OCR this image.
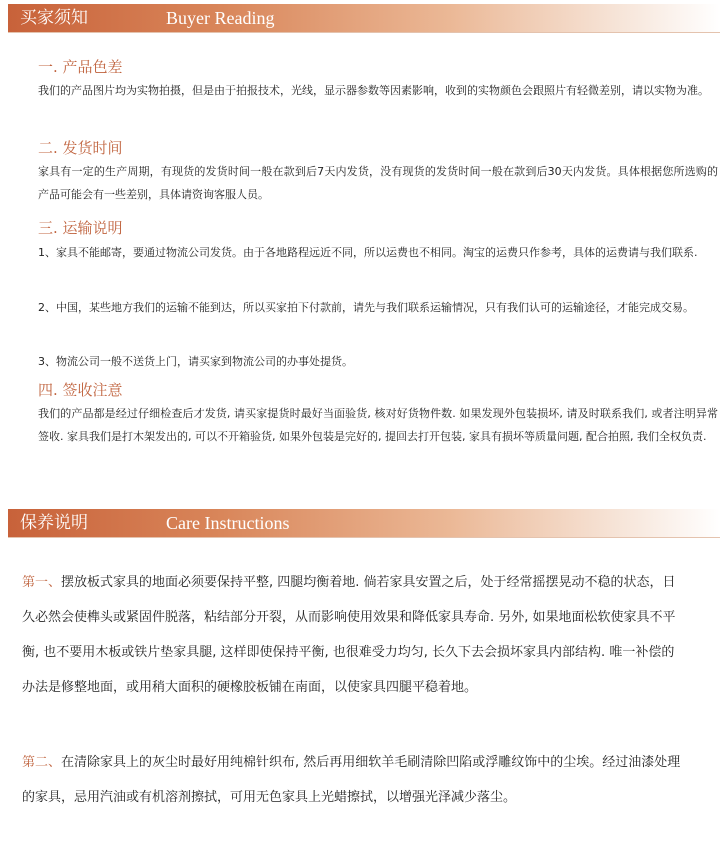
买家须知	Buyer Reading
一. 产品色差
我们的产品图片均为实物拍摄，但是由于拍报技术，光线，显示器参数等因素影响，收到的实物颜色会跟照片有轻微差别，请以实物为准。
二. 发货时间
家具有一定的生产周期，有现货的发货时间一般在款到后7天内发货，没有现货的发货时间一般在款到后30天内发货。具体根据您所选购的产品可能会有一些差别，具体请资询客服人员。
三. 运输说明
1、家具不能邮寄，要通过物流公司发货。由于各地路程远近不同，所以运费也不相同。淘宝的运费只作参考，具体的运费请与我们联系.
2、中国，某些地方我们的运输不能到达，所以买家拍下付款前，请先与我们联系运输情况，只有我们认可的运输途径，才能完成交易。
3、物流公司一般不送货上门，请买家到物流公司的办事处提货。
四. 签收注意
我们的产品都是经过仔细检查后才发货, 请买家提货时最好当面验货, 核对好货物件数. 如果发现外包装损坏, 请及时联系我们, 或者注明异常签收. 家具我们是打木架发出的, 可以不开箱验货, 如果外包装是完好的, 提回去打开包装, 家具有损坏等质量问题, 配合拍照, 我们全权负责.
保养说明	Care Instructions
第一、摆放板式家具的地面必须要保持平整, 四腿均衡着地. 倘若家具安置之后，处于经常摇摆晃动不稳的状态，日久必然会使榫头或紧固件脱落，粘结部分开裂，从而影响使用效果和降低家具寿命. 另外, 如果地面松软使家具不平衡, 也不要用木板或铁片垫家具腿, 这样即使保持平衡, 也很难受力均匀, 长久下去会损坏家具内部结构. 唯一补偿的办法是修整地面，或用稍大面积的硬橡胶板铺在南面，以使家具四腿平稳着地。
第二、在清除家具上的灰尘时最好用纯棉针织布, 然后再用细软羊毛刷清除凹陷或浮雕纹饰中的尘埃。经过油漆处理的家具，忌用汽油或有机溶剂擦拭，可用无色家具上光蜡擦拭，以增强光泽减少落尘。
